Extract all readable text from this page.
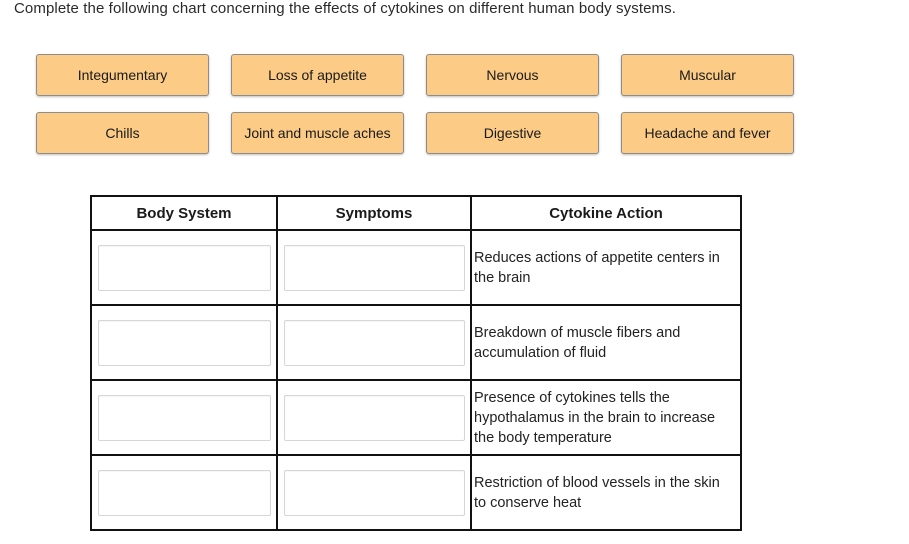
Complete the following chart concerning the effects of cytokines on different human body systems.
Integumentary	Loss of appetite	Nervous	Muscular
Chills	Joint and muscle aches	Digestive	Headache and fever
Body System	Symptoms	Cytokine Action

		Reduces actions of appetite centers in the brain

		Breakdown of muscle fibers and accumulation of fluid

		Presence of cytokines tells the hypothalamus in the brain to increase the body temperature

		Restriction of blood vessels in the skin to conserve heat
